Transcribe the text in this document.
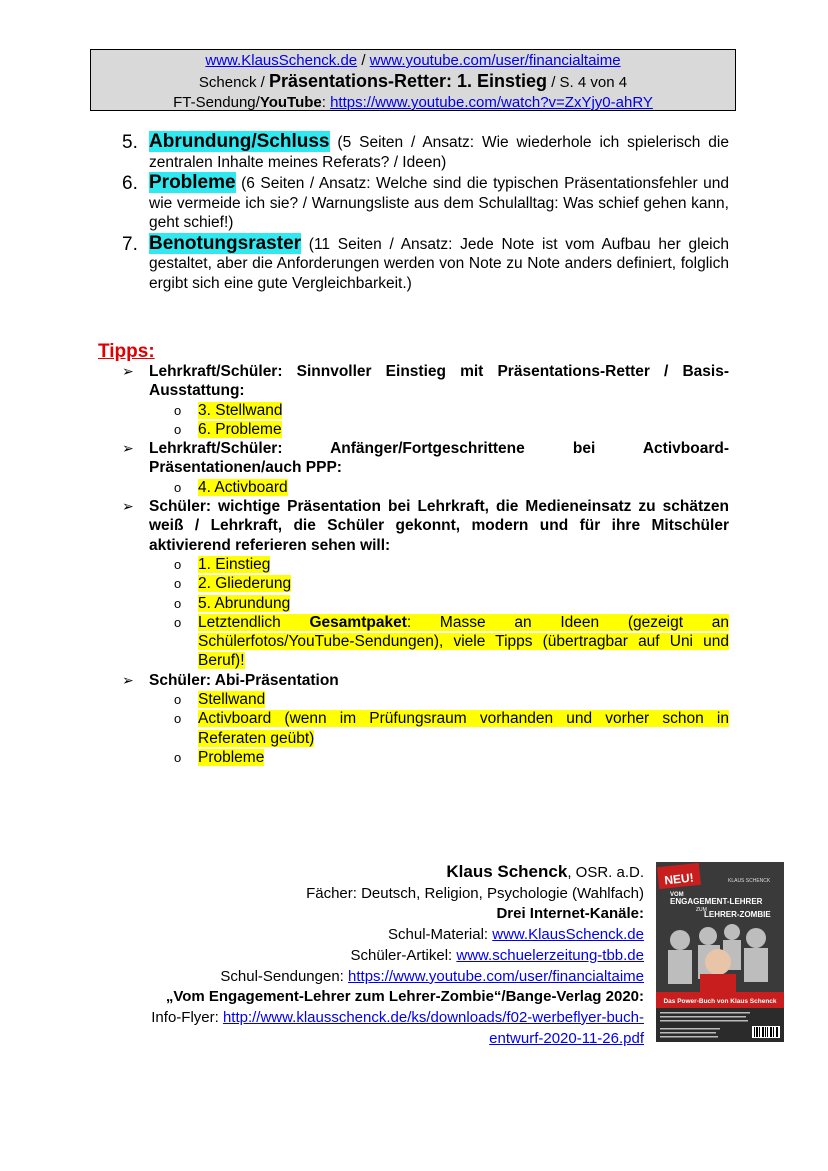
www.KlausSchenck.de / www.youtube.com/user/financialtaime
Schenck / Präsentations-Retter: 1. Einstieg / S. 4 von 4
FT-Sendung/YouTube: https://www.youtube.com/watch?v=ZxYjy0-ahRY
5. Abrundung/Schluss (5 Seiten / Ansatz: Wie wiederhole ich spielerisch die zentralen Inhalte meines Referats? / Ideen)
6. Probleme (6 Seiten / Ansatz: Welche sind die typischen Präsentationsfehler und wie vermeide ich sie? / Warnungsliste aus dem Schulalltag: Was schief gehen kann, geht schief!)
7. Benotungsraster (11 Seiten / Ansatz: Jede Note ist vom Aufbau her gleich gestaltet, aber die Anforderungen werden von Note zu Note anders definiert, folglich ergibt sich eine gute Vergleichbarkeit.)
Tipps:
➢ Lehrkraft/Schüler: Sinnvoller Einstieg mit Präsentations-Retter / Basis-Ausstattung:
o 3. Stellwand
o 6. Probleme
➢ Lehrkraft/Schüler: Anfänger/Fortgeschrittene bei Activboard-Präsentationen/auch PPP:
o 4. Activboard
➢ Schüler: wichtige Präsentation bei Lehrkraft, die Medieneinsatz zu schätzen weiß / Lehrkraft, die Schüler gekonnt, modern und für ihre Mitschüler aktivierend referieren sehen will:
o 1. Einstieg
o 2. Gliederung
o 5. Abrundung
o Letztendlich Gesamtpaket: Masse an Ideen (gezeigt an Schülerfotos/YouTube-Sendungen), viele Tipps (übertragbar auf Uni und Beruf)!
➢ Schüler: Abi-Präsentation
o Stellwand
o Activboard (wenn im Prüfungsraum vorhanden und vorher schon in Referaten geübt)
o Probleme
Klaus Schenck, OSR. a.D.
Fächer: Deutsch, Religion, Psychologie (Wahlfach)
Drei Internet-Kanäle:
Schul-Material: www.KlausSchenck.de
Schüler-Artikel: www.schuelerzeitung-tbb.de
Schul-Sendungen: https://www.youtube.com/user/financialtaime
„Vom Engagement-Lehrer zum Lehrer-Zombie“/Bange-Verlag 2020:
Info-Flyer: http://www.klausschenck.de/ks/downloads/f02-werbeflyer-buch-
entwurf-2020-11-26.pdf
NEU!	KLAUS SCHENCK
VOM
ENGAGEMENT-LEHRER
ZUM
LEHRER-ZOMBIE
Das Power-Buch von Klaus Schenck
